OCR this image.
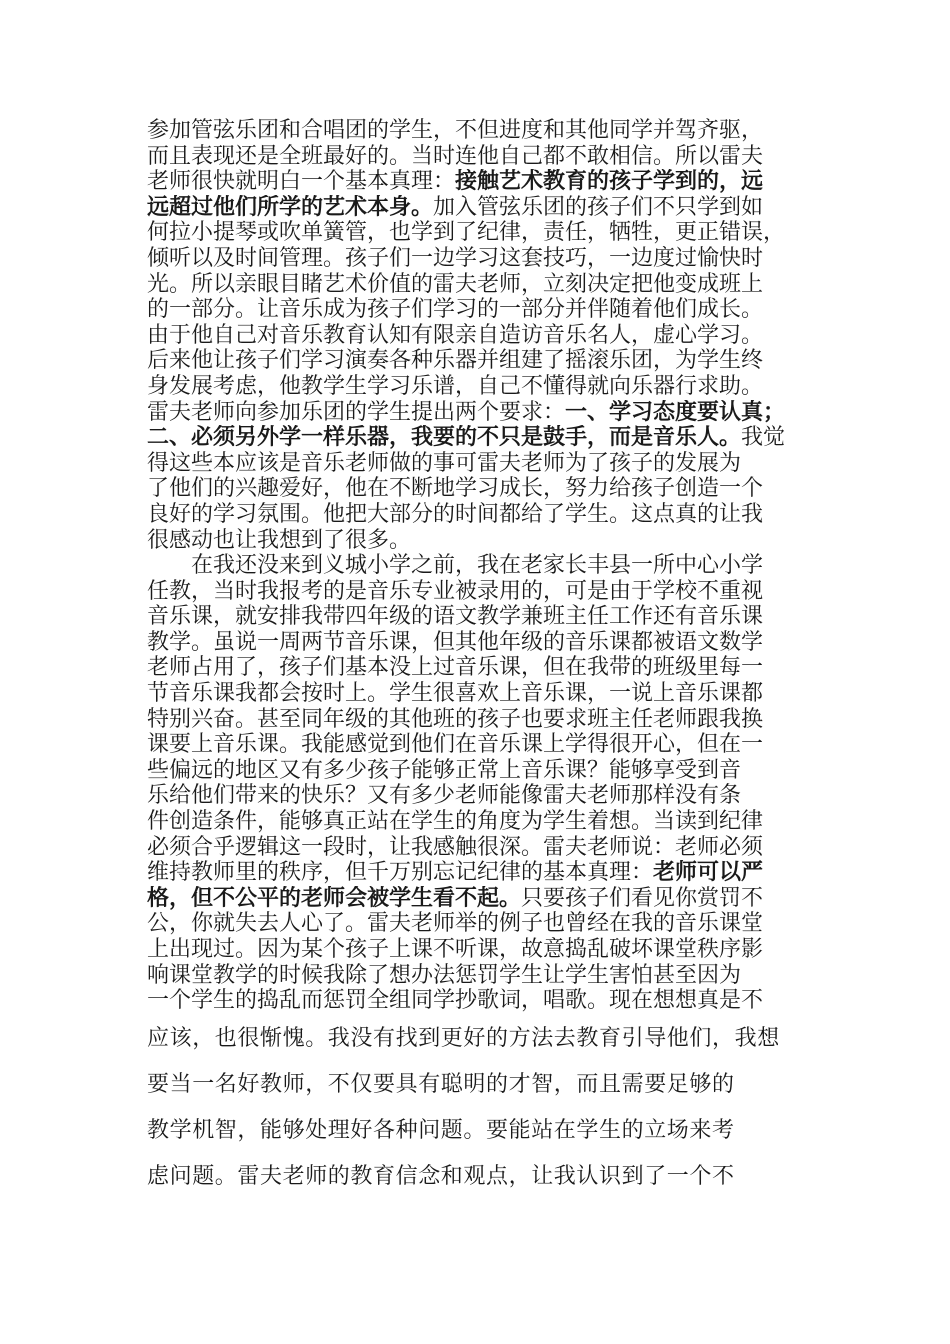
参加管弦乐团和合唱团的学生，不但进度和其他同学并驾齐驱，
而且表现还是全班最好的。当时连他自己都不敢相信。所以雷夫
老师很快就明白一个基本真理：接触艺术教育的孩子学到的，远
远超过他们所学的艺术本身。加入管弦乐团的孩子们不只学到如
何拉小提琴或吹单簧管，也学到了纪律，责任，牺牲，更正错误，
倾听以及时间管理。孩子们一边学习这套技巧，一边度过愉快时
光。所以亲眼目睹艺术价值的雷夫老师，立刻决定把他变成班上
的一部分。让音乐成为孩子们学习的一部分并伴随着他们成长。
由于他自己对音乐教育认知有限亲自造访音乐名人，虚心学习。
后来他让孩子们学习演奏各种乐器并组建了摇滚乐团，为学生终
身发展考虑，他教学生学习乐谱，自己不懂得就向乐器行求助。
雷夫老师向参加乐团的学生提出两个要求：一、学习态度要认真；
二、必须另外学一样乐器，我要的不只是鼓手，而是音乐人。我觉
得这些本应该是音乐老师做的事可雷夫老师为了孩子的发展为
了他们的兴趣爱好，他在不断地学习成长，努力给孩子创造一个
良好的学习氛围。他把大部分的时间都给了学生。这点真的让我
很感动也让我想到了很多。
在我还没来到义城小学之前，我在老家长丰县一所中心小学
任教，当时我报考的是音乐专业被录用的，可是由于学校不重视
音乐课，就安排我带四年级的语文教学兼班主任工作还有音乐课
教学。虽说一周两节音乐课，但其他年级的音乐课都被语文数学
老师占用了，孩子们基本没上过音乐课，但在我带的班级里每一
节音乐课我都会按时上。学生很喜欢上音乐课，一说上音乐课都
特别兴奋。甚至同年级的其他班的孩子也要求班主任老师跟我换
课要上音乐课。我能感觉到他们在音乐课上学得很开心，但在一
些偏远的地区又有多少孩子能够正常上音乐课？能够享受到音
乐给他们带来的快乐？又有多少老师能像雷夫老师那样没有条
件创造条件，能够真正站在学生的角度为学生着想。当读到纪律
必须合乎逻辑这一段时，让我感触很深。雷夫老师说：老师必须
维持教师里的秩序，但千万别忘记纪律的基本真理：老师可以严
格，但不公平的老师会被学生看不起。只要孩子们看见你赏罚不
公，你就失去人心了。雷夫老师举的例子也曾经在我的音乐课堂
上出现过。因为某个孩子上课不听课，故意捣乱破坏课堂秩序影
响课堂教学的时候我除了想办法惩罚学生让学生害怕甚至因为
一个学生的捣乱而惩罚全组同学抄歌词，唱歌。现在想想真是不
应该，也很惭愧。我没有找到更好的方法去教育引导他们，我想
要当一名好教师，不仅要具有聪明的才智，而且需要足够的
教学机智，能够处理好各种问题。要能站在学生的立场来考
虑问题。雷夫老师的教育信念和观点，让我认识到了一个不
